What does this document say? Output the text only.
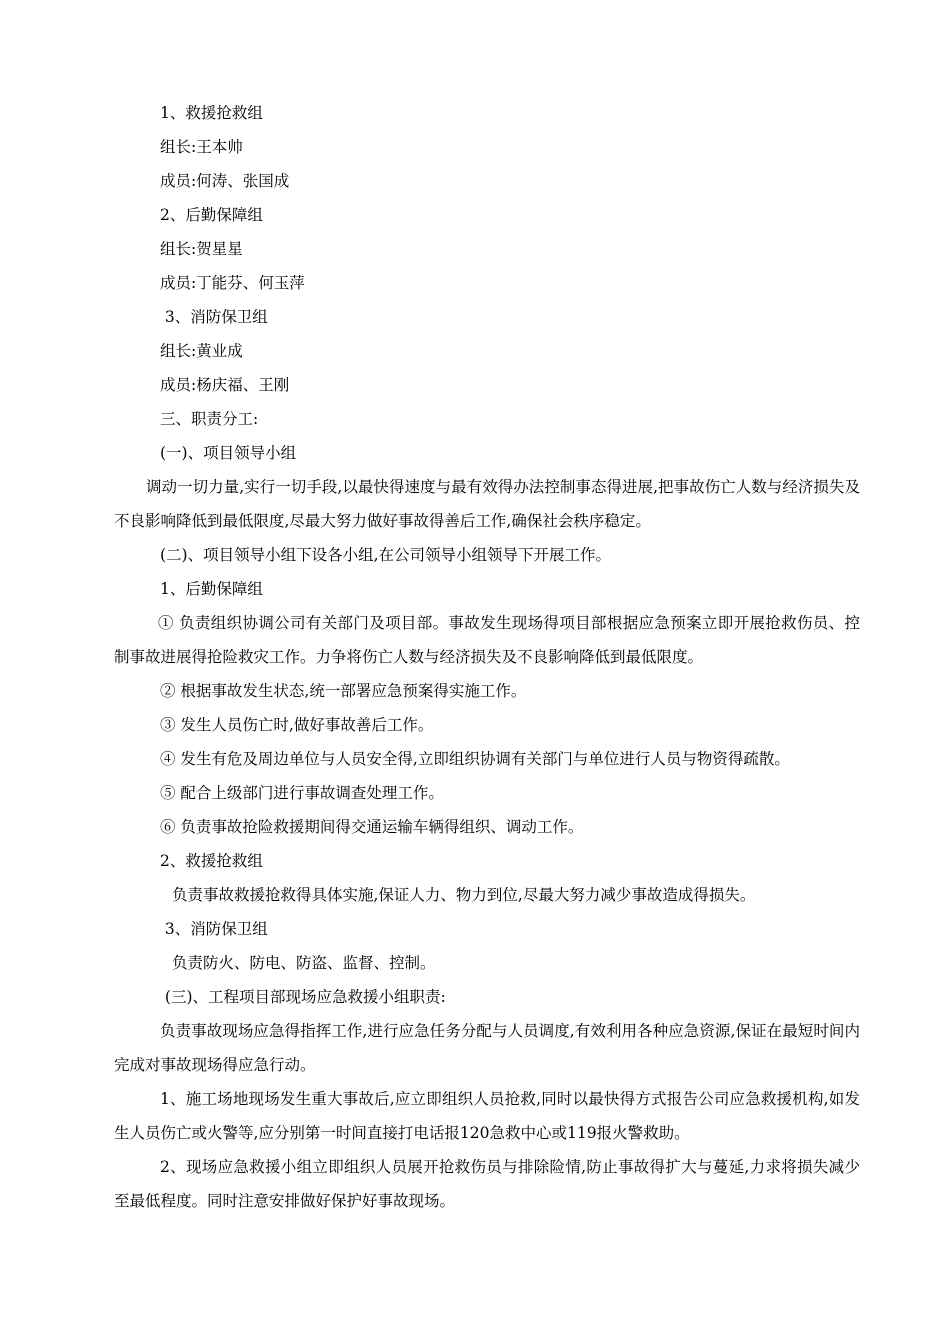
1、救援抢救组

组长:王本帅

成员:何涛、张国成

2、后勤保障组

组长:贺星星

成员:丁能芬、何玉萍

3、消防保卫组

组长:黄业成

成员:杨庆福、王刚

三、职责分工:

(一)、项目领导小组

调动一切力量,实行一切手段,以最快得速度与最有效得办法控制事态得进展,把事故伤亡人数与经济损失及不良影响降低到最低限度,尽最大努力做好事故得善后工作,确保社会秩序稳定。

(二)、项目领导小组下设各小组,在公司领导小组领导下开展工作。

1、后勤保障组

① 负责组织协调公司有关部门及项目部。事故发生现场得项目部根据应急预案立即开展抢救伤员、控制事故进展得抢险救灾工作。力争将伤亡人数与经济损失及不良影响降低到最低限度。

② 根据事故发生状态,统一部署应急预案得实施工作。

③ 发生人员伤亡时,做好事故善后工作。

④ 发生有危及周边单位与人员安全得,立即组织协调有关部门与单位进行人员与物资得疏散。

⑤ 配合上级部门进行事故调查处理工作。

⑥ 负责事故抢险救援期间得交通运输车辆得组织、调动工作。

2、救援抢救组

负责事故救援抢救得具体实施,保证人力、物力到位,尽最大努力减少事故造成得损失。

3、消防保卫组

负责防火、防电、防盗、监督、控制。

(三)、工程项目部现场应急救援小组职责:

负责事故现场应急得指挥工作,进行应急任务分配与人员调度,有效利用各种应急资源,保证在最短时间内完成对事故现场得应急行动。

1、施工场地现场发生重大事故后,应立即组织人员抢救,同时以最快得方式报告公司应急救援机构,如发生人员伤亡或火警等,应分别第一时间直接打电话报120急救中心或119报火警救助。

2、现场应急救援小组立即组织人员展开抢救伤员与排除险情,防止事故得扩大与蔓延,力求将损失减少至最低程度。同时注意安排做好保护好事故现场。
